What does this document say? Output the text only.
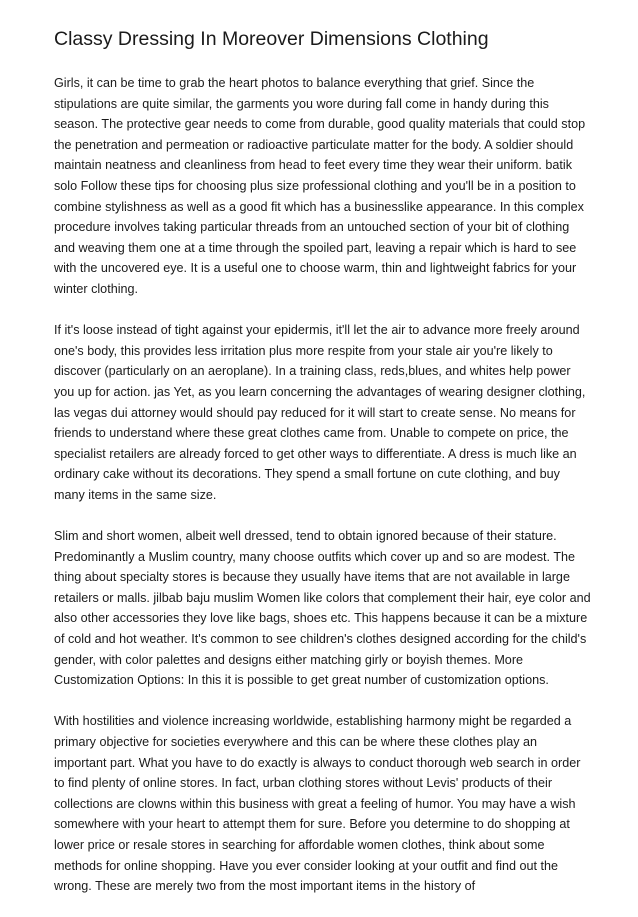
Classy Dressing In Moreover Dimensions Clothing

Girls, it can be time to grab the heart photos to balance everything that grief. Since the stipulations are quite similar, the garments you wore during fall come in handy during this season. The protective gear needs to come from durable, good quality materials that could stop the penetration and permeation or radioactive particulate matter for the body. A soldier should maintain neatness and cleanliness from head to feet every time they wear their uniform. batik solo Follow these tips for choosing plus size professional clothing and you'll be in a position to combine stylishness as well as a good fit which has a businesslike appearance. In this complex procedure involves taking particular threads from an untouched section of your bit of clothing and weaving them one at a time through the spoiled part, leaving a repair which is hard to see with the uncovered eye. It is a useful one to choose warm, thin and lightweight fabrics for your winter clothing.

If it's loose instead of tight against your epidermis, it'll let the air to advance more freely around one's body, this provides less irritation plus more respite from your stale air you're likely to discover (particularly on an aeroplane). In a training class, reds,blues, and whites help power you up for action. jas Yet, as you learn concerning the advantages of wearing designer clothing, las vegas dui attorney would should pay reduced for it will start to create sense. No means for friends to understand where these great clothes came from. Unable to compete on price, the specialist retailers are already forced to get other ways to differentiate. A dress is much like an ordinary cake without its decorations. They spend a small fortune on cute clothing, and buy many items in the same size.

Slim and short women, albeit well dressed, tend to obtain ignored because of their stature. Predominantly a Muslim country, many choose outfits which cover up and so are modest. The thing about specialty stores is because they usually have items that are not available in large retailers or malls. jilbab baju muslim Women like colors that complement their hair, eye color and also other accessories they love like bags, shoes etc. This happens because it can be a mixture of cold and hot weather. It's common to see children's clothes designed according for the child's gender, with color palettes and designs either matching girly or boyish themes. More Customization Options: In this it is possible to get great number of customization options.

With hostilities and violence increasing worldwide, establishing harmony might be regarded a primary objective for societies everywhere and this can be where these clothes play an important part. What you have to do exactly is always to conduct thorough web search in order to find plenty of online stores. In fact, urban clothing stores without Levis' products of their collections are clowns within this business with great a feeling of humor. You may have a wish somewhere with your heart to attempt them for sure. Before you determine to do shopping at lower price or resale stores in searching for affordable women clothes, think about some methods for online shopping. Have you ever consider looking at your outfit and find out the wrong. These are merely two from the most important items in the history of
